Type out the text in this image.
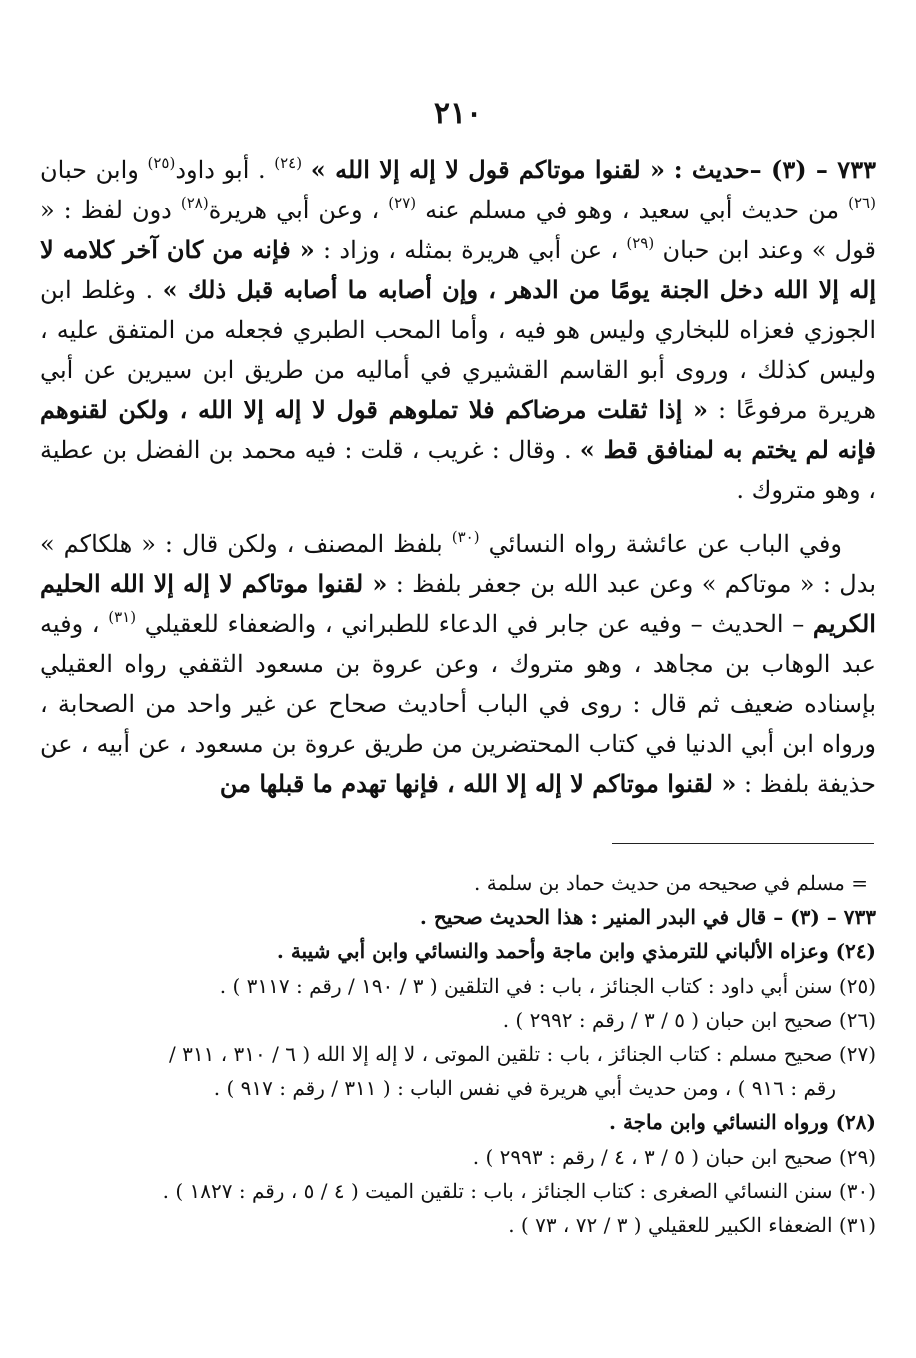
٢١٠

٧٣٣ – (٣) –حديث : « لقنوا موتاكم قول لا إله إلا الله » $^{(٢٤)}$ . أبو داود$^{(٢٥)}$ وابن حبان $^{(٢٦)}$ من حديث أبي سعيد ، وهو في مسلم عنه $^{(٢٧)}$ ، وعن أبي هريرة$^{(٢٨)}$ دون لفظ : « قول » وعند ابن حبان $^{(٢٩)}$ ، عن أبي هريرة بمثله ، وزاد : « فإنه من كان آخر كلامه لا إله إلا الله دخل الجنة يومًا من الدهر ، وإن أصابه ما أصابه قبل ذلك » . وغلط ابن الجوزي فعزاه للبخاري وليس هو فيه ، وأما المحب الطبري فجعله من المتفق عليه ، وليس كذلك ، وروى أبو القاسم القشيري في أماليه من طريق ابن سيرين عن أبي هريرة مرفوعًا : « إذا ثقلت مرضاكم فلا تملوهم قول لا إله إلا الله ، ولكن لقنوهم فإنه لم يختم به لمنافق قط » . وقال : غريب ، قلت : فيه محمد بن الفضل بن عطية ، وهو متروك .

وفي الباب عن عائشة رواه النسائي $^{(٣٠)}$ بلفظ المصنف ، ولكن قال : « هلكاكم » بدل : « موتاكم » وعن عبد الله بن جعفر بلفظ : « لقنوا موتاكم لا إله إلا الله الحليم الكريم – الحديث – وفيه عن جابر في الدعاء للطبراني ، والضعفاء للعقيلي $^{(٣١)}$ ، وفيه عبد الوهاب بن مجاهد ، وهو متروك ، وعن عروة بن مسعود الثقفي رواه العقيلي بإسناده ضعيف ثم قال : روى في الباب أحاديث صحاح عن غير واحد من الصحابة ، ورواه ابن أبي الدنيا في كتاب المحتضرين من طريق عروة بن مسعود ، عن أبيه ، عن حذيفة بلفظ : « لقنوا موتاكم لا إله إلا الله ، فإنها تهدم ما قبلها من

= مسلم في صحيحه من حديث حماد بن سلمة .
٧٣٣ – (٣) – قال في البدر المنير : هذا الحديث صحيح .
(٢٤) وعزاه الألباني للترمذي وابن ماجة وأحمد والنسائي وابن أبي شيبة .
(٢٥) سنن أبي داود : كتاب الجنائز ، باب : في التلقين ( ٣ / ١٩٠ / رقم : ٣١١٧ ) .
(٢٦) صحيح ابن حبان ( ٥ / ٣ / رقم : ٢٩٩٢ ) .
(٢٧) صحيح مسلم : كتاب الجنائز ، باب : تلقين الموتى ، لا إله إلا الله ( ٦ / ٣١٠ ، ٣١١ /
رقم : ٩١٦ ) ، ومن حديث أبي هريرة في نفس الباب : ( ٣١١ / رقم : ٩١٧ ) .
(٢٨) ورواه النسائي وابن ماجة .
(٢٩) صحيح ابن حبان ( ٥ / ٣ ، ٤ / رقم : ٢٩٩٣ ) .
(٣٠) سنن النسائي الصغرى : كتاب الجنائز ، باب : تلقين الميت ( ٤ / ٥ ، رقم : ١٨٢٧ ) .
(٣١) الضعفاء الكبير للعقيلي ( ٣ / ٧٢ ، ٧٣ ) .
